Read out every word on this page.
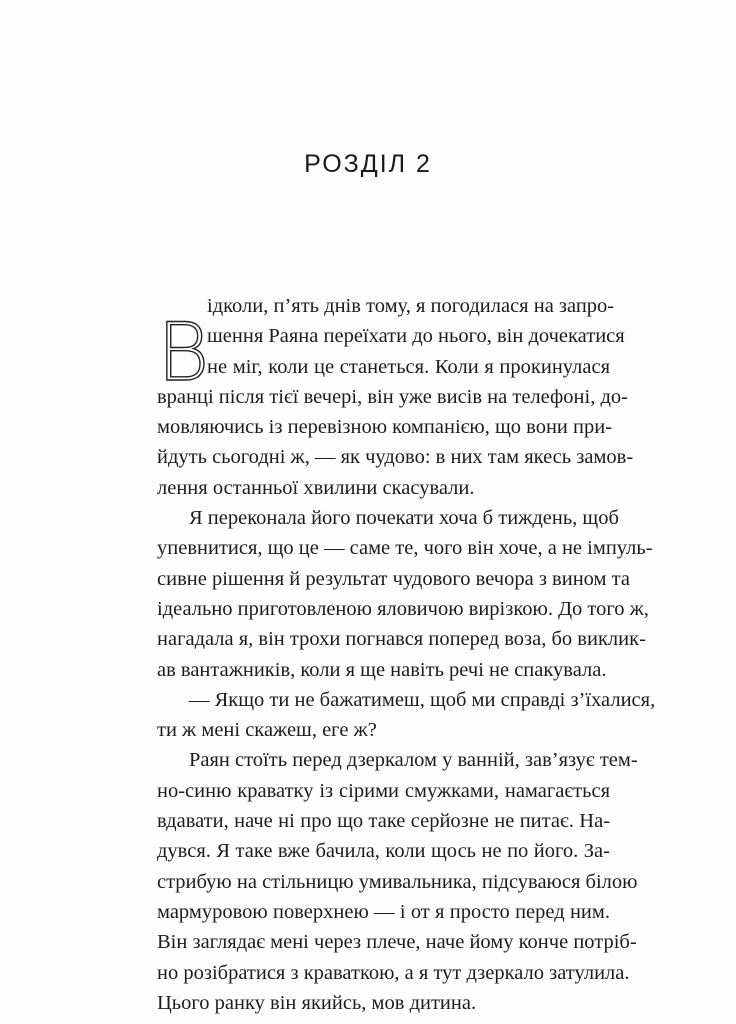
РОЗДІЛ 2
В
ідколи, п’ять днів тому, я погодилася на запро-
шення Раяна переїхати до нього, він дочекатися
не міг, коли це станеться. Коли я прокинулася
вранці після тієї вечері, він уже висів на телефоні, до-
мовляючись із перевізною компанією, що вони при-
йдуть сьогодні ж, — як чудово: в них там якесь замов-
лення останньої хвилини скасували.
Я переконала його почекати хоча б тиждень, щоб
упевнитися, що це — саме те, чого він хоче, а не імпуль-
сивне рішення й результат чудового вечора з вином та
ідеально приготовленою яловичою вирізкою. До того ж,
нагадала я, він трохи погнався поперед воза, бо виклик-
ав вантажників, коли я ще навіть речі не спакувала.
— Якщо ти не бажатимеш, щоб ми справді з’їхалися,
ти ж мені скажеш, еге ж?
Раян стоїть перед дзеркалом у ванній, зав’язує тем-
но-синю краватку із сірими смужками, намагається
вдавати, наче ні про що таке серйозне не питає. На-
дувся. Я таке вже бачила, коли щось не по його. За-
стрибую на стільницю умивальника, підсуваюся білою
мармуровою поверхнею — і от я просто перед ним.
Він заглядає мені через плече, наче йому конче потріб-
но розібратися з краваткою, а я тут дзеркало затулила.
Цього ранку він якийсь, мов дитина.
